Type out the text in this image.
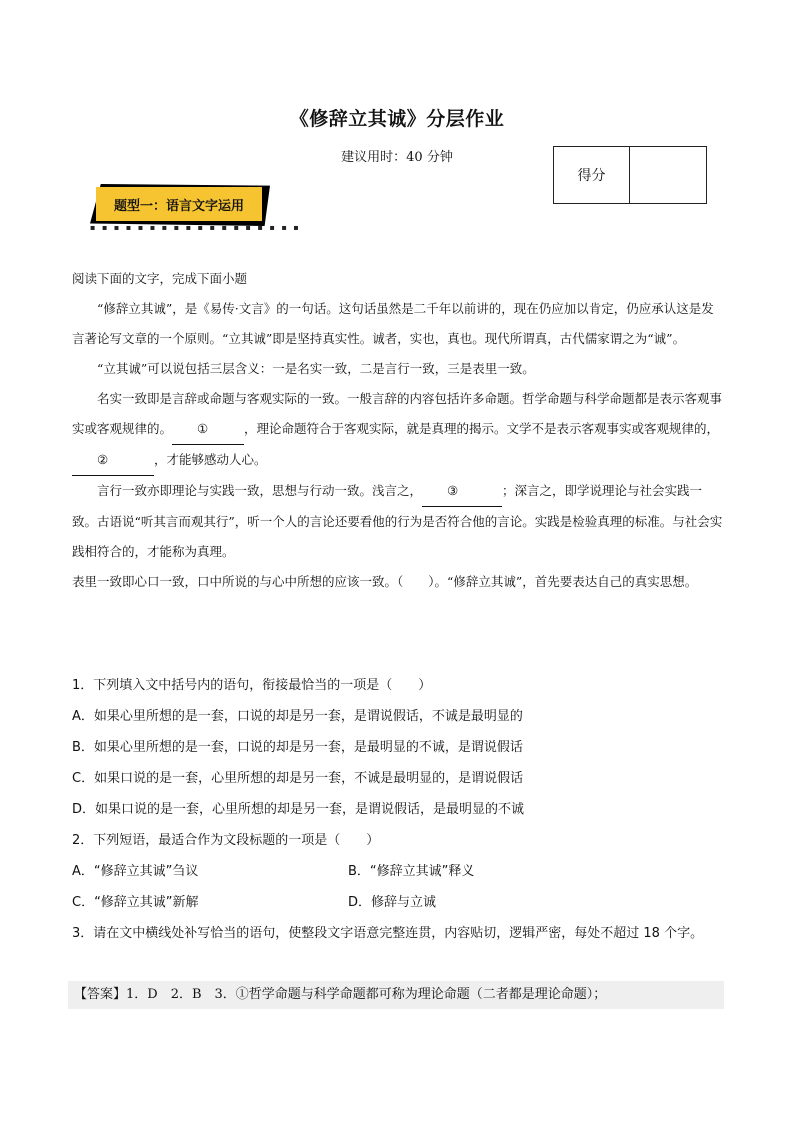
《修辞立其诚》分层作业
建议用时：40 分钟
得分
题型一：语言文字运用
▪ ▪ ▪ ▪ ▪ ▪ ▪ ▪ ▪ ▪ ▪ ▪ ▪ ▪ ▪ ▪ ▪ ▪

阅读下面的文字，完成下面小题

“修辞立其诚”，是《易传·文言》的一句话。这句话虽然是二千年以前讲的，现在仍应加以肯定，仍应承认这是发言著论写文章的一个原则。“立其诚”即是坚持真实性。诚者，实也，真也。现代所谓真，古代儒家谓之为“诚”。

“立其诚”可以说包括三层含义：一是名实一致，二是言行一致，三是表里一致。

名实一致即是言辞或命题与客观实际的一致。一般言辞的内容包括许多命题。哲学命题与科学命题都是表示客观事实或客观规律的。 ①	，理论命题符合于客观实际，就是真理的揭示。文学不是表示客观事实或客观规律的，②	，才能够感动人心。

言行一致亦即理论与实践一致，思想与行动一致。浅言之， ③	；深言之，即学说理论与社会实践一致。古语说“听其言而观其行”，听一个人的言论还要看他的行为是否符合他的言论。实践是检验真理的标准。与社会实践相符合的，才能称为真理。

表里一致即心口一致，口中所说的与心中所想的应该一致。（　　）。“修辞立其诚”，首先要表达自己的真实思想。

1．下列填入文中括号内的语句，衔接最恰当的一项是（　　）

A．如果心里所想的是一套，口说的却是另一套，是谓说假话，不诚是最明显的

B．如果心里所想的是一套，口说的却是另一套，是最明显的不诚，是谓说假话

C．如果口说的是一套，心里所想的却是另一套，不诚是最明显的，是谓说假话

D．如果口说的是一套，心里所想的却是另一套，是谓说假话，是最明显的不诚

2．下列短语，最适合作为文段标题的一项是（　　）

A．“修辞立其诚”刍议	B．“修辞立其诚”释义
C．“修辞立其诚”新解	D．修辞与立诚

3．请在文中横线处补写恰当的语句，使整段文字语意完整连贯，内容贴切，逻辑严密，每处不超过 18 个字。

【答案】1．D　2．B　3．①哲学命题与科学命题都可称为理论命题（二者都是理论命题）；
